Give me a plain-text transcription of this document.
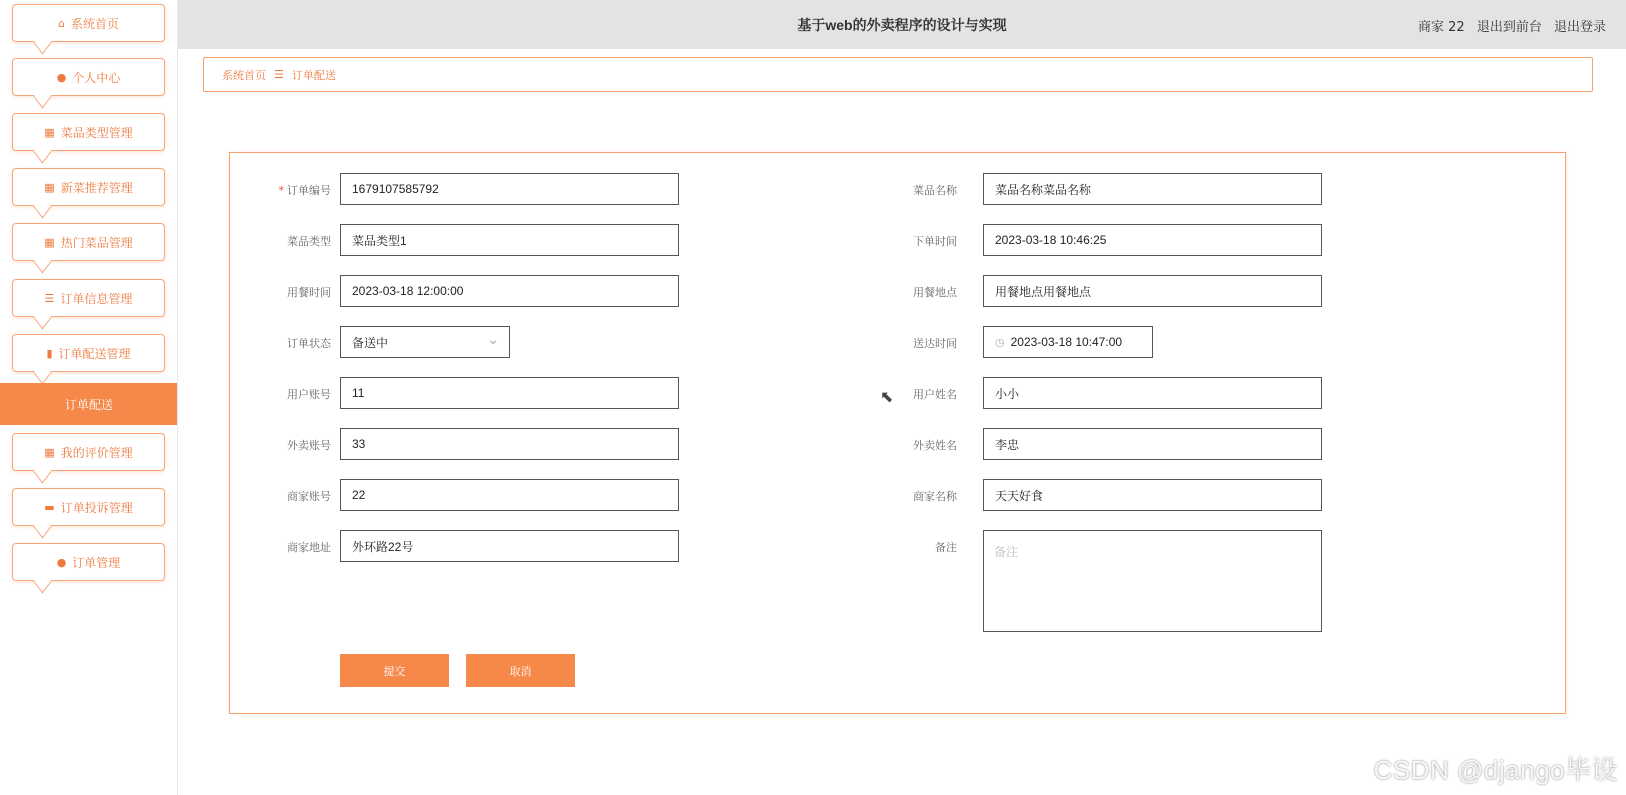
⌂ 系统首页
● 个人中心
▦ 菜品类型管理
▦ 新菜推荐管理
▦ 热门菜品管理
☰ 订单信息管理
▮ 订单配送管理
订单配送
▦ 我的评价管理
▬ 订单投诉管理
● 订单管理
基于web的外卖程序的设计与实现	商家 22 退出到前台 退出登录
系统首页 ☰ 订单配送
* 订单编号	1679107585792
菜品类型	菜品类型1
用餐时间	2023-03-18 12:00:00
订单状态	备送中 ⌄
用户账号	11
外卖账号	33
商家账号	22
商家地址	外环路22号
菜品名称	菜品名称菜品名称
下单时间	2023-03-18 10:46:25
用餐地点	用餐地点用餐地点
送达时间	◷ 2023-03-18 10:47:00
用户姓名	小小
外卖姓名	李忠
商家名称	天天好食
备注	备注
提交	取消
⬉
CSDN @django毕设
